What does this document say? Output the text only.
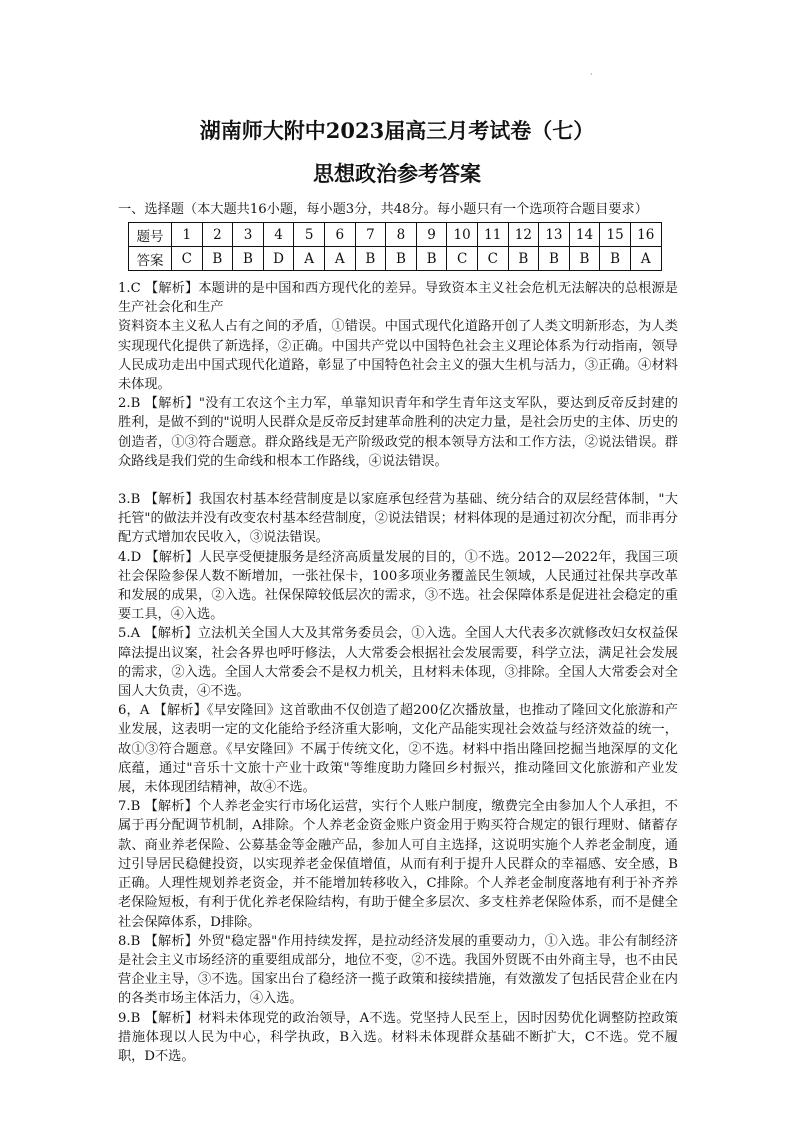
·
湖南师大附中2023届高三月考试卷（七）
思想政治参考答案
一、选择题（本大题共16小题，每小题3分，共48分。每小题只有一个选项符合题目要求）
题号	1	2	3	4	5	6	7	8	9	10	11	12	13	14	15	16
答案	C	B	B	D	A	A	B	B	B	C	C	B	B	B	B	A

1.C 【解析】本题讲的是中国和西方现代化的差异。导致资本主义社会危机无法解决的总根源是生产社会化和生产

资料资本主义私人占有之间的矛盾，①错误。中国式现代化道路开创了人类文明新形态，为人类实现现代化提供了新选择，②正确。中国共产党以中国特色社会主义理论体系为行动指南，领导人民成功走出中国式现代化道路，彰显了中国特色社会主义的强大生机与活力，③正确。④材料未体现。

2.B 【解析】"没有工农这个主力军，单靠知识青年和学生青年这支军队，要达到反帝反封建的胜利，是做不到的"说明人民群众是反帝反封建革命胜利的决定力量，是社会历史的主体、历史的创造者，①③符合题意。群众路线是无产阶级政党的根本领导方法和工作方法，②说法错误。群众路线是我们党的生命线和根本工作路线，④说法错误。

3.B 【解析】我国农村基本经营制度是以家庭承包经营为基础、统分结合的双层经营体制，"大托管"的做法并没有改变农村基本经营制度，②说法错误；材料体现的是通过初次分配，而非再分配方式增加农民收入，③说法错误。

4.D 【解析】人民享受便捷服务是经济高质量发展的目的，①不选。2012—2022年，我国三项社会保险参保人数不断增加，一张社保卡，100多项业务覆盖民生领域，人民通过社保共享改革和发展的成果，②入选。社保保障较低层次的需求，③不选。社会保障体系是促进社会稳定的重要工具，④入选。

5.A 【解析】立法机关全国人大及其常务委员会，①入选。全国人大代表多次就修改妇女权益保障法提出议案，社会各界也呼吁修法，人大常委会根据社会发展需要，科学立法，满足社会发展的需求，②入选。全国人大常委会不是权力机关，且材料未体现，③排除。全国人大常委会对全国人大负责，④不选。

6，A 【解析】《早安隆回》这首歌曲不仅创造了超200亿次播放量，也推动了隆回文化旅游和产业发展，这表明一定的文化能给予经济重大影响，文化产品能实现社会效益与经济效益的统一，故①③符合题意。《早安隆回》不属于传统文化，②不选。材料中指出隆回挖掘当地深厚的文化底蕴，通过"音乐十文旅十产业十政策"等维度助力隆回乡村振兴，推动隆回文化旅游和产业发展，未体现团结精神，故④不选。

7.B 【解析】个人养老金实行市场化运营，实行个人账户制度，缴费完全由参加人个人承担，不属于再分配调节机制，A排除。个人养老金资金账户资金用于购买符合规定的银行理财、储蓄存款、商业养老保险、公募基金等金融产品，参加人可自主选择，这说明实施个人养老金制度，通过引导居民稳健投资，以实现养老金保值增值，从而有利于提升人民群众的幸福感、安全感，B正确。人理性规划养老资金，并不能增加转移收入，C排除。个人养老金制度落地有利于补齐养老保险短板，有利于优化养老保险结构，有助于健全多层次、多支柱养老保险体系，而不是健全社会保障体系，D排除。

8.B 【解析】外贸"稳定器"作用持续发挥，是拉动经济发展的重要动力，①入选。非公有制经济是社会主义市场经济的重要组成部分，地位不变，②不选。我国外贸既不由外商主导，也不由民营企业主导，③不选。国家出台了稳经济一揽子政策和接续措施，有效激发了包括民营企业在内的各类市场主体活力，④入选。

9.B 【解析】材料未体现党的政治领导，A不选。党坚持人民至上，因时因势优化调整防控政策措施体现以人民为中心，科学执政，B入选。材料未体现群众基础不断扩大，C不选。党不履职，D不选。
